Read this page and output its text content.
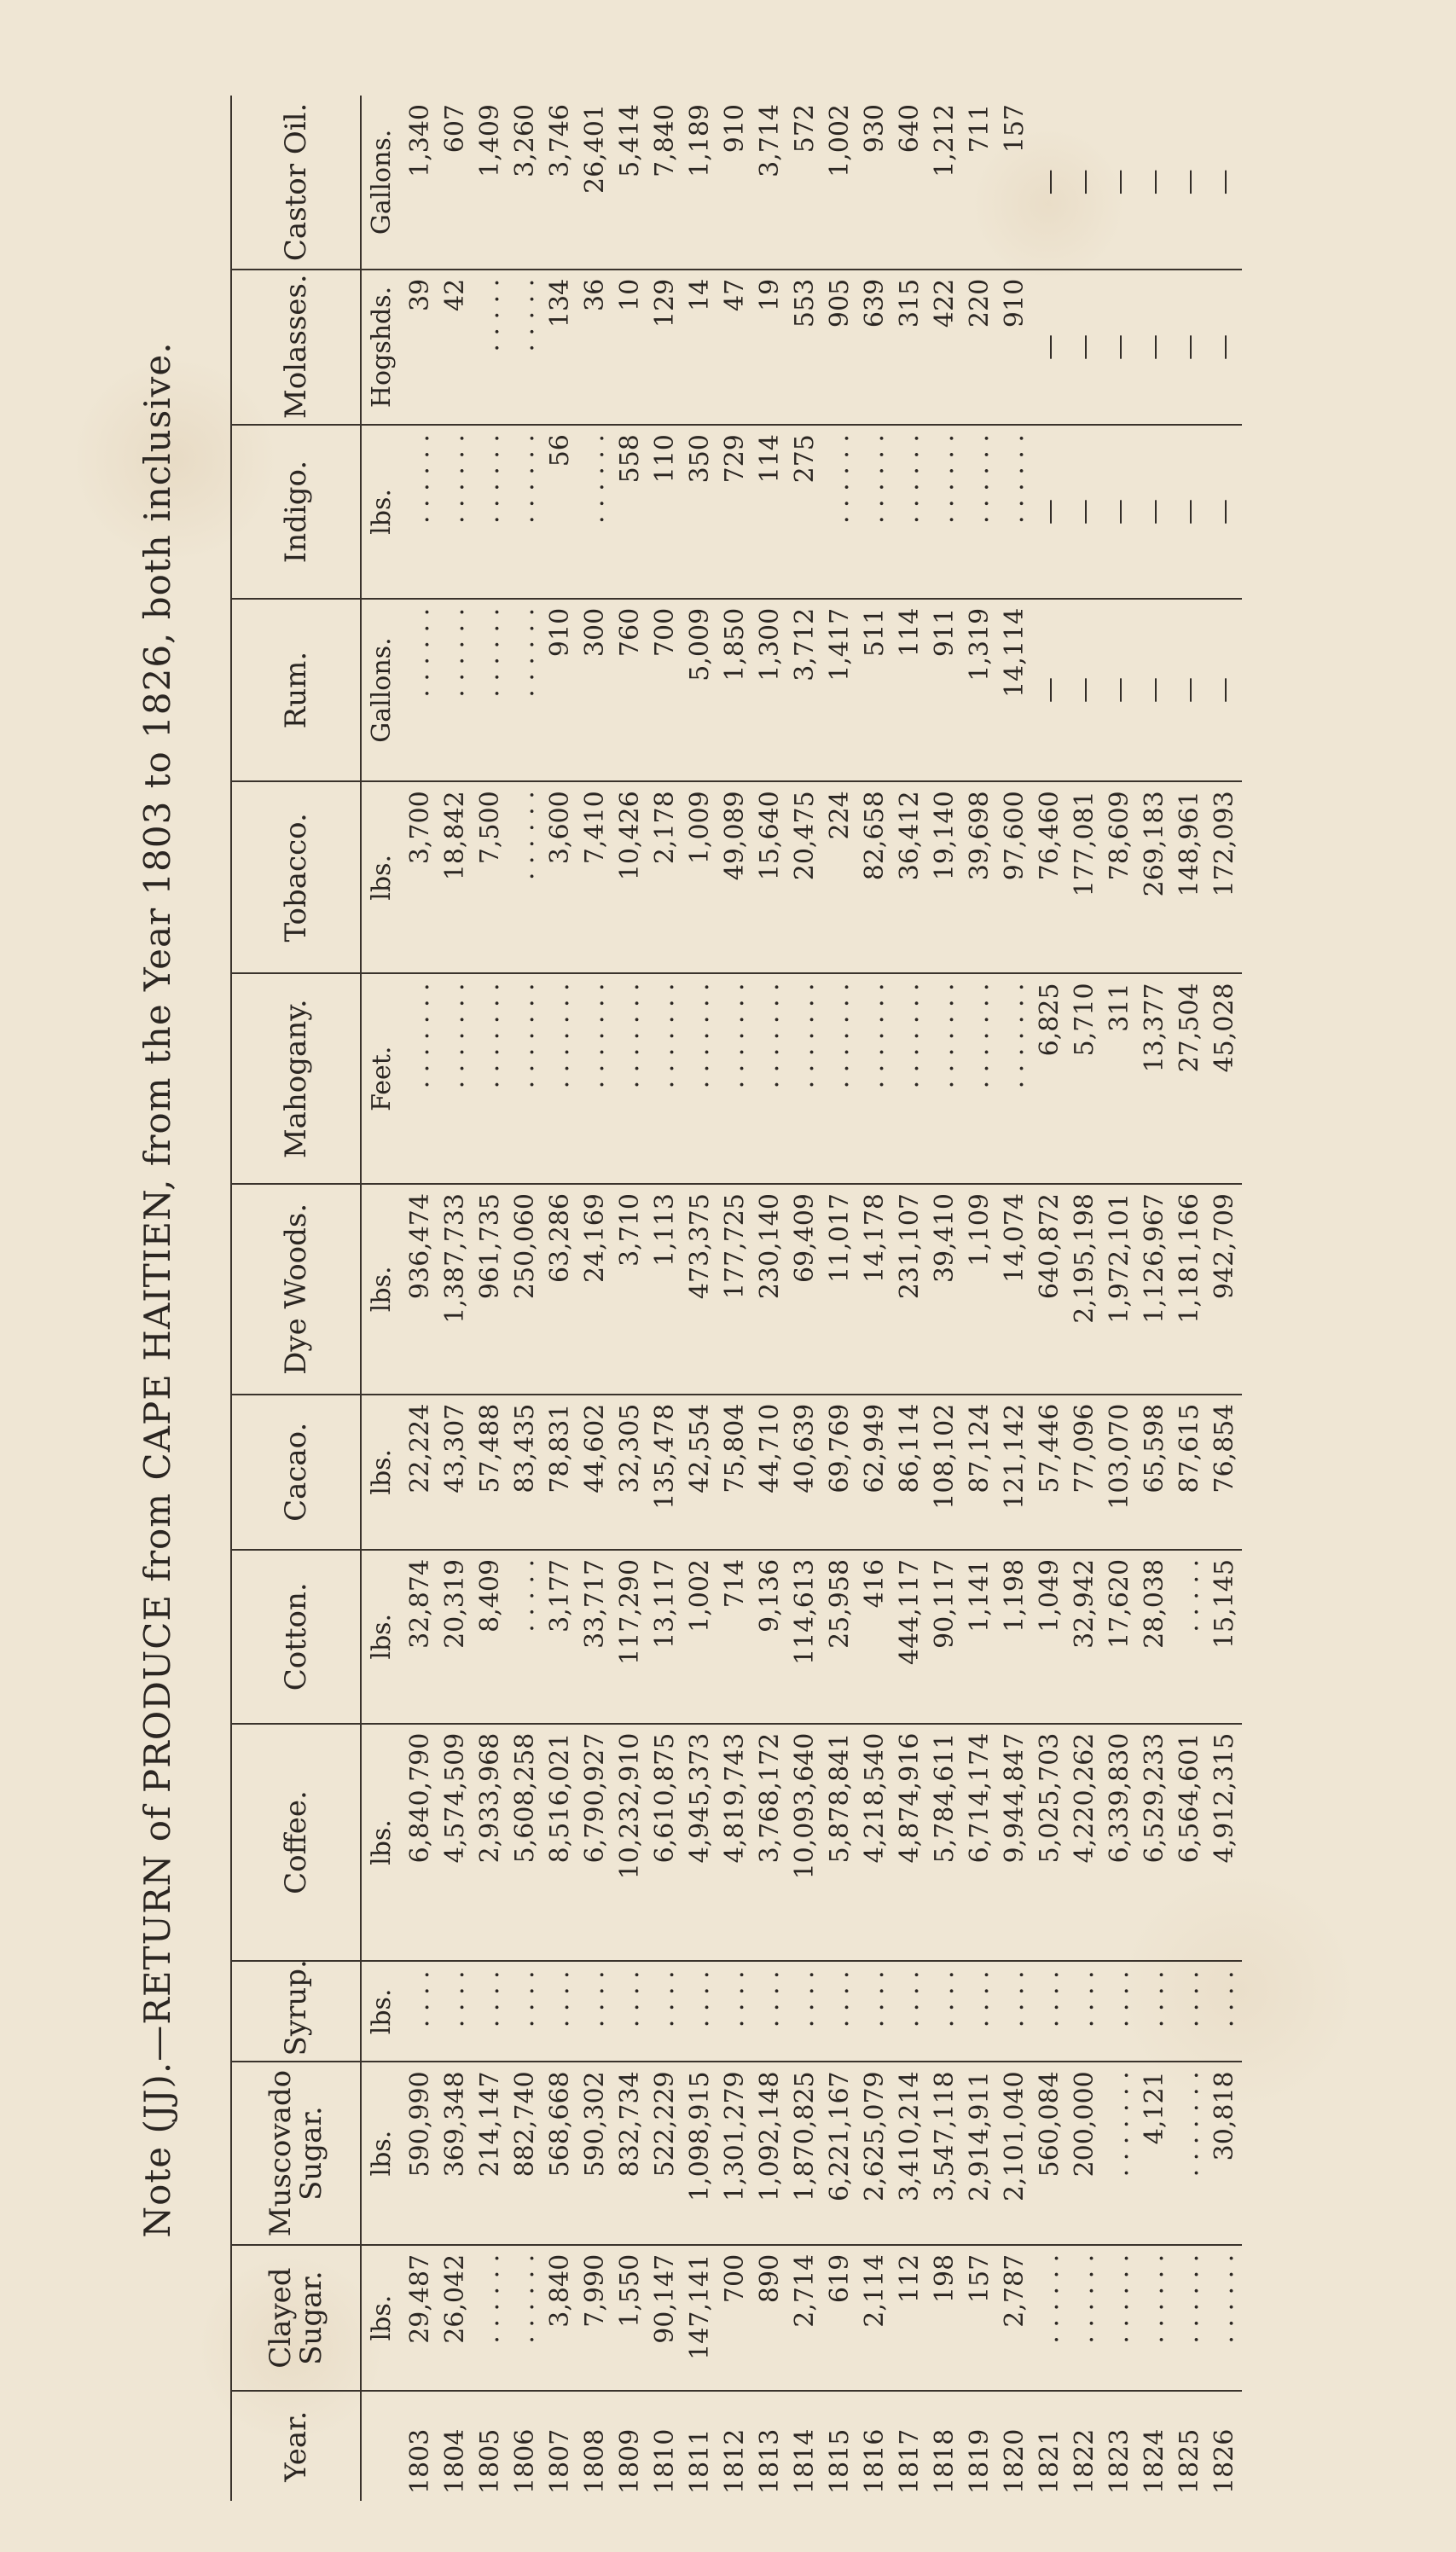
Note (JJ).—RETURN of PRODUCE from CAPE HAITIEN, from the Year 1803 to 1826, both inclusive.
Year.	Clayed Sugar.	Muscovado Sugar.	Syrup.	Coffee.	Cotton.	Cacao.	Dye Woods.	Mahogany.	Tobacco.	Rum.	Indigo.	Molasses.	Castor Oil.
	lbs.	lbs.	lbs.	lbs.	lbs.	lbs.	lbs.	Feet.	lbs.	Gallons.	lbs.	Hogshds.	Gallons.
1803	29,487	590,990	. . . .	6,840,790	32,874	22,224	936,474	. . . . . . .	3,700	. . . . . .	. . . . . .	39	1,340
1804	26,042	369,348	. . . .	4,574,509	20,319	43,307	1,387,733	. . . . . . .	18,842	. . . . . .	. . . . . .	42	607
1805	. . . . . .	214,147	. . . .	2,933,968	8,409	57,488	961,735	. . . . . . .	7,500	. . . . . .	. . . . . .	. . . . .	1,409
1806	. . . . . .	882,740	. . . .	5,608,258	. . . . .	83,435	250,060	. . . . . . .	. . . . . .	. . . . . .	. . . . . .	. . . . .	3,260
1807	3,840	568,668	. . . .	8,516,021	3,177	78,831	63,286	. . . . . . .	3,600	910	56	134	3,746
1808	7,990	590,302	. . . .	6,790,927	33,717	44,602	24,169	. . . . . . .	7,410	300	. . . . . .	36	26,401
1809	1,550	832,734	. . . .	10,232,910	117,290	32,305	3,710	. . . . . . .	10,426	760	558	10	5,414
1810	90,147	522,229	. . . .	6,610,875	13,117	135,478	1,113	. . . . . . .	2,178	700	110	129	7,840
1811	147,141	1,098,915	. . . .	4,945,373	1,002	42,554	473,375	. . . . . . .	1,009	5,009	350	14	1,189
1812	700	1,301,279	. . . .	4,819,743	714	75,804	177,725	. . . . . . .	49,089	1,850	729	47	910
1813	890	1,092,148	. . . .	3,768,172	9,136	44,710	230,140	. . . . . . .	15,640	1,300	114	19	3,714
1814	2,714	1,870,825	. . . .	10,093,640	114,613	40,639	69,409	. . . . . . .	20,475	3,712	275	553	572
1815	619	6,221,167	. . . .	5,878,841	25,958	69,769	11,017	. . . . . . .	224	1,417	. . . . . .	905	1,002
1816	2,114	2,625,079	. . . .	4,218,540	416	62,949	14,178	. . . . . . .	82,658	511	. . . . . .	639	930
1817	112	3,410,214	. . . .	4,874,916	444,117	86,114	231,107	. . . . . . .	36,412	114	. . . . . .	315	640
1818	198	3,547,118	. . . .	5,784,611	90,117	108,102	39,410	. . . . . . .	19,140	911	. . . . . .	422	1,212
1819	157	2,914,911	. . . .	6,714,174	1,141	87,124	1,109	. . . . . . .	39,698	1,319	. . . . . .	220	711
1820	2,787	2,101,040	. . . .	9,944,847	1,198	121,142	14,074	. . . . . . .	97,600	14,114	. . . . . .	910	157
1821	. . . . . .	560,084	. . . .	5,025,703	1,049	57,446	640,872	6,825	76,460	—	—	—	—
1822	. . . . . .	200,000	. . . .	4,220,262	32,942	77,096	2,195,198	5,710	177,081	—	—	—	—
1823	. . . . . .	. . . . . . .	. . . .	6,339,830	17,620	103,070	1,972,101	311	78,609	—	—	—	—
1824	. . . . . .	4,121	. . . .	6,529,233	28,038	65,598	1,126,967	13,377	269,183	—	—	—	—
1825	. . . . . .	. . . . . . .	. . . .	6,564,601	. . . . .	87,615	1,181,166	27,504	148,961	—	—	—	—
1826	. . . . . .	30,818	. . . .	4,912,315	15,145	76,854	942,709	45,028	172,093	—	—	—	—
